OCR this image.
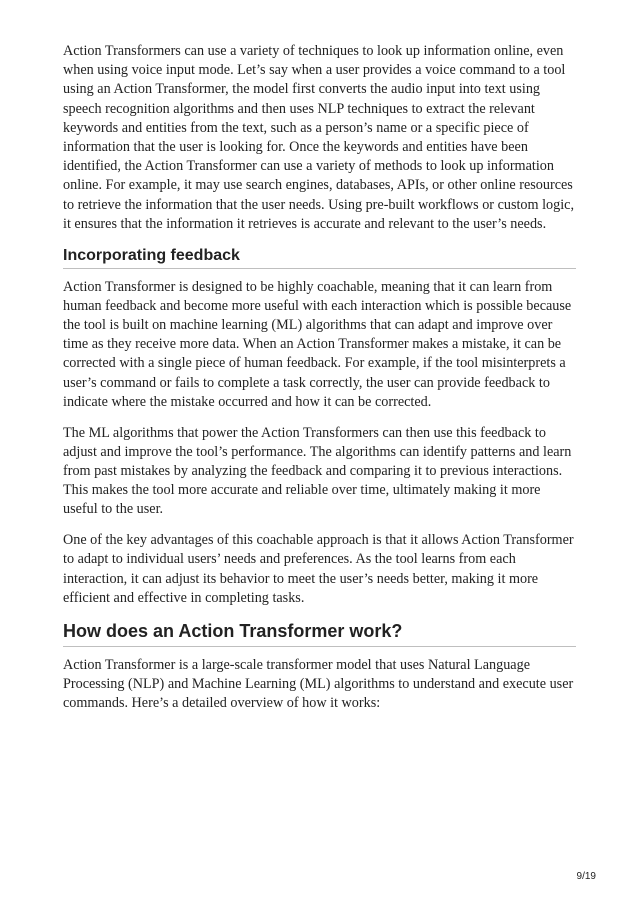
Action Transformers can use a variety of techniques to look up information online, even when using voice input mode. Let’s say when a user provides a voice command to a tool using an Action Transformer, the model first converts the audio input into text using speech recognition algorithms and then uses NLP techniques to extract the relevant keywords and entities from the text, such as a person’s name or a specific piece of information that the user is looking for. Once the keywords and entities have been identified, the Action Transformer can use a variety of methods to look up information online. For example, it may use search engines, databases, APIs, or other online resources to retrieve the information that the user needs. Using pre-built workflows or custom logic, it ensures that the information it retrieves is accurate and relevant to the user’s needs.

Incorporating feedback

Action Transformer is designed to be highly coachable, meaning that it can learn from human feedback and become more useful with each interaction which is possible because the tool is built on machine learning (ML) algorithms that can adapt and improve over time as they receive more data. When an Action Transformer makes a mistake, it can be corrected with a single piece of human feedback. For example, if the tool misinterprets a user’s command or fails to complete a task correctly, the user can provide feedback to indicate where the mistake occurred and how it can be corrected.

The ML algorithms that power the Action Transformers can then use this feedback to adjust and improve the tool’s performance. The algorithms can identify patterns and learn from past mistakes by analyzing the feedback and comparing it to previous interactions. This makes the tool more accurate and reliable over time, ultimately making it more useful to the user.

One of the key advantages of this coachable approach is that it allows Action Transformer to adapt to individual users’ needs and preferences. As the tool learns from each interaction, it can adjust its behavior to meet the user’s needs better, making it more efficient and effective in completing tasks.

How does an Action Transformer work?

Action Transformer is a large-scale transformer model that uses Natural Language Processing (NLP) and Machine Learning (ML) algorithms to understand and execute user commands. Here’s a detailed overview of how it works:

9/19
